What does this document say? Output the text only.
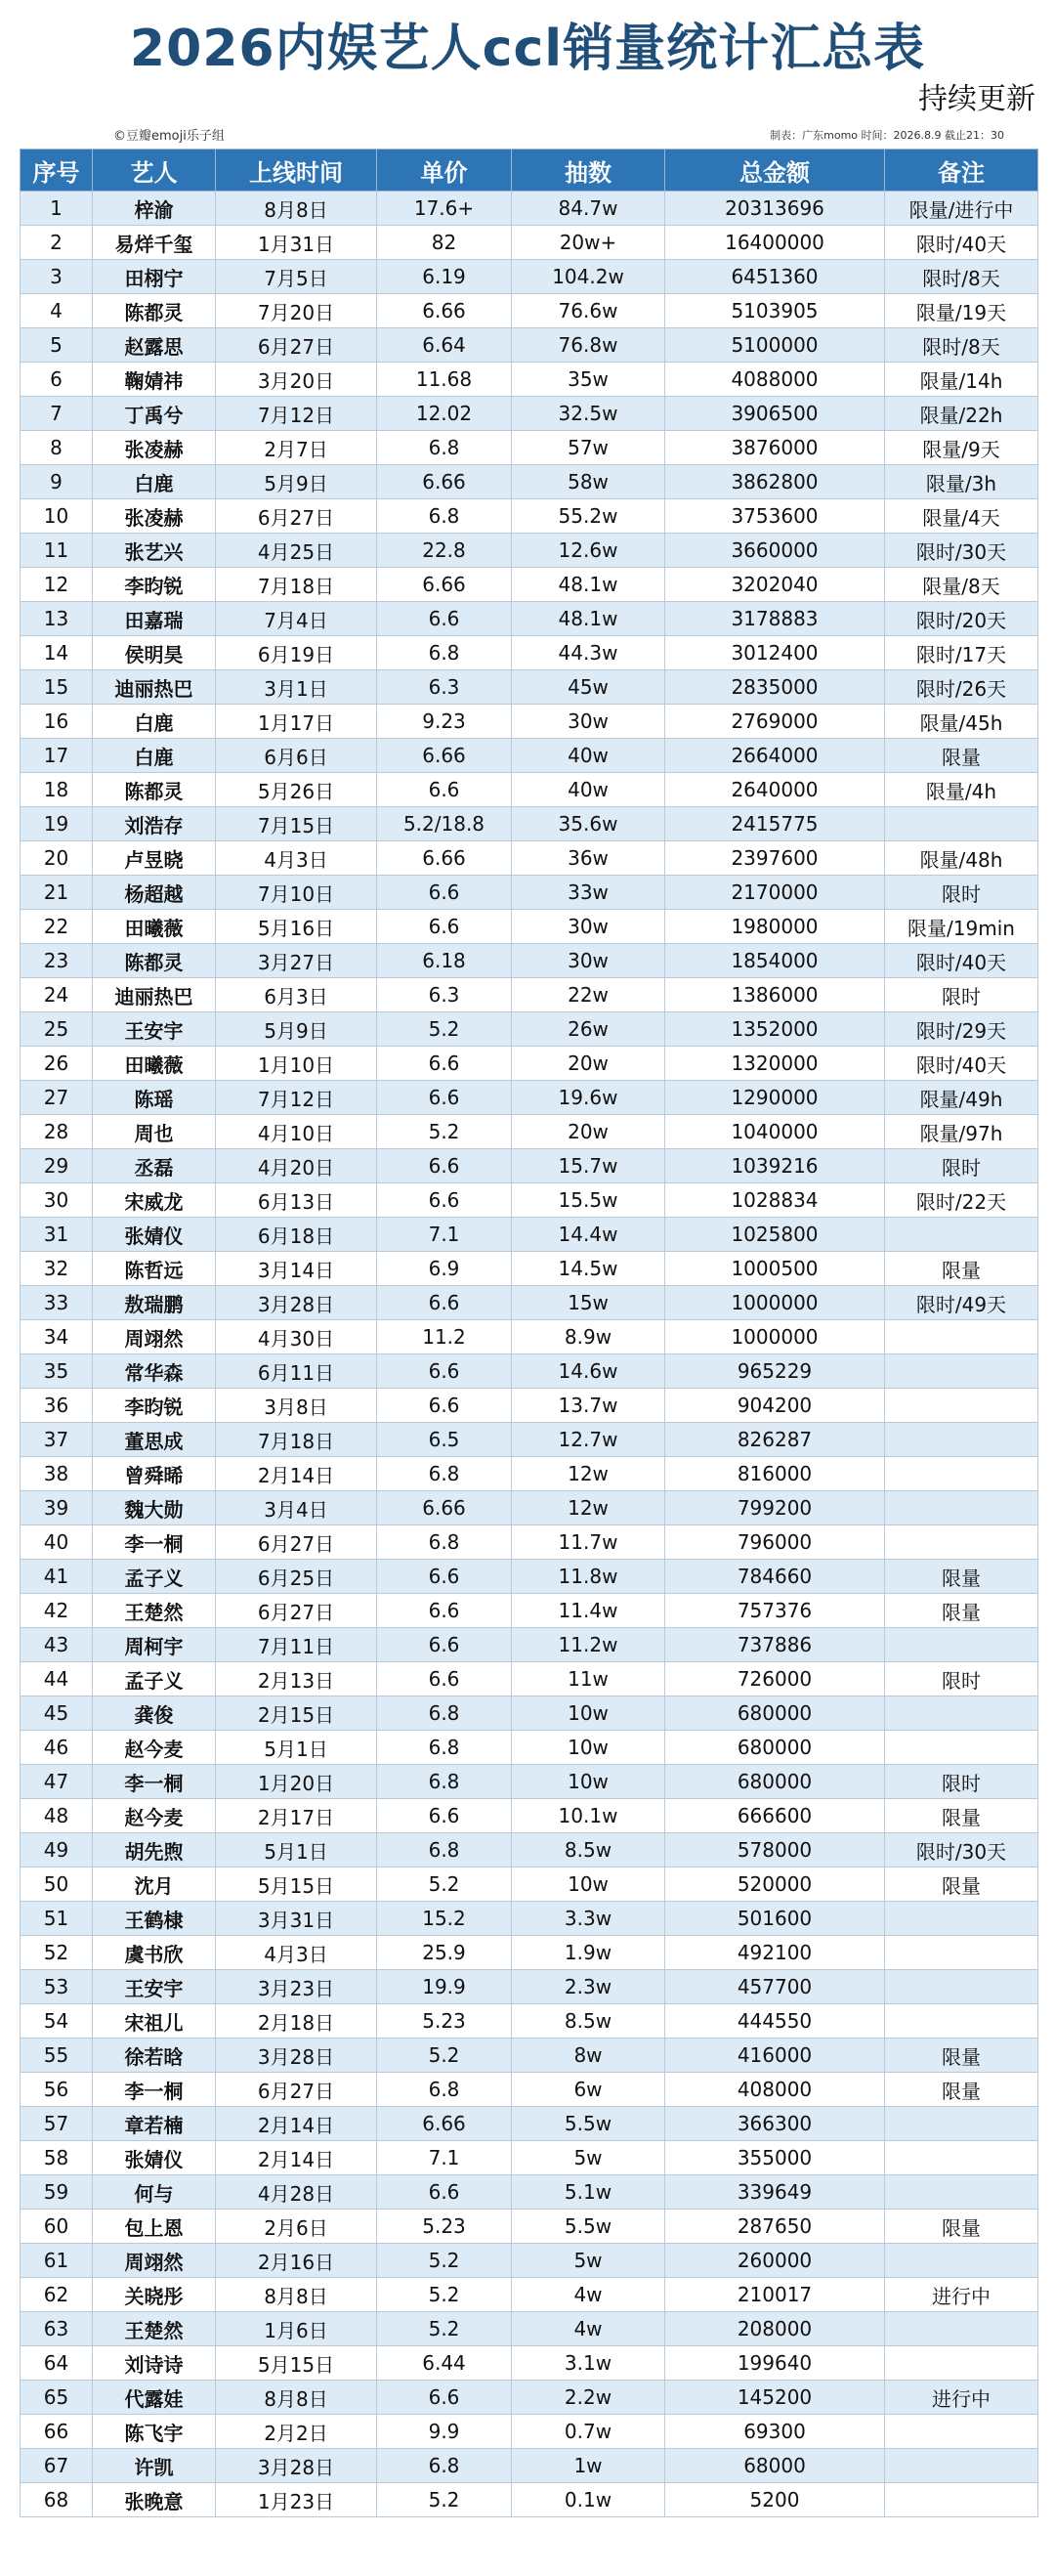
2026内娱艺人ccl销量统计汇总表
持续更新
©豆瓣emoji乐子组	制表：广东momo 时间：2026.8.9 截止21：30
序号	艺人	上线时间	单价	抽数	总金额	备注
1	梓渝	8月8日	17.6+	84.7w	20313696	限量/进行中
2	易烊千玺	1月31日	82	20w+	16400000	限时/40天
3	田栩宁	7月5日	6.19	104.2w	6451360	限时/8天
4	陈都灵	7月20日	6.66	76.6w	5103905	限量/19天
5	赵露思	6月27日	6.64	76.8w	5100000	限时/8天
6	鞠婧祎	3月20日	11.68	35w	4088000	限量/14h
7	丁禹兮	7月12日	12.02	32.5w	3906500	限量/22h
8	张凌赫	2月7日	6.8	57w	3876000	限量/9天
9	白鹿	5月9日	6.66	58w	3862800	限量/3h
10	张凌赫	6月27日	6.8	55.2w	3753600	限量/4天
11	张艺兴	4月25日	22.8	12.6w	3660000	限时/30天
12	李昀锐	7月18日	6.66	48.1w	3202040	限量/8天
13	田嘉瑞	7月4日	6.6	48.1w	3178883	限时/20天
14	侯明昊	6月19日	6.8	44.3w	3012400	限时/17天
15	迪丽热巴	3月1日	6.3	45w	2835000	限时/26天
16	白鹿	1月17日	9.23	30w	2769000	限量/45h
17	白鹿	6月6日	6.66	40w	2664000	限量
18	陈都灵	5月26日	6.6	40w	2640000	限量/4h
19	刘浩存	7月15日	5.2/18.8	35.6w	2415775	
20	卢昱晓	4月3日	6.66	36w	2397600	限量/48h
21	杨超越	7月10日	6.6	33w	2170000	限时
22	田曦薇	5月16日	6.6	30w	1980000	限量/19min
23	陈都灵	3月27日	6.18	30w	1854000	限时/40天
24	迪丽热巴	6月3日	6.3	22w	1386000	限时
25	王安宇	5月9日	5.2	26w	1352000	限时/29天
26	田曦薇	1月10日	6.6	20w	1320000	限时/40天
27	陈瑶	7月12日	6.6	19.6w	1290000	限量/49h
28	周也	4月10日	5.2	20w	1040000	限量/97h
29	丞磊	4月20日	6.6	15.7w	1039216	限时
30	宋威龙	6月13日	6.6	15.5w	1028834	限时/22天
31	张婧仪	6月18日	7.1	14.4w	1025800	
32	陈哲远	3月14日	6.9	14.5w	1000500	限量
33	敖瑞鹏	3月28日	6.6	15w	1000000	限时/49天
34	周翊然	4月30日	11.2	8.9w	1000000	
35	常华森	6月11日	6.6	14.6w	965229	
36	李昀锐	3月8日	6.6	13.7w	904200	
37	董思成	7月18日	6.5	12.7w	826287	
38	曾舜晞	2月14日	6.8	12w	816000	
39	魏大勋	3月4日	6.66	12w	799200	
40	李一桐	6月27日	6.8	11.7w	796000	
41	孟子义	6月25日	6.6	11.8w	784660	限量
42	王楚然	6月27日	6.6	11.4w	757376	限量
43	周柯宇	7月11日	6.6	11.2w	737886	
44	孟子义	2月13日	6.6	11w	726000	限时
45	龚俊	2月15日	6.8	10w	680000	
46	赵今麦	5月1日	6.8	10w	680000	
47	李一桐	1月20日	6.8	10w	680000	限时
48	赵今麦	2月17日	6.6	10.1w	666600	限量
49	胡先煦	5月1日	6.8	8.5w	578000	限时/30天
50	沈月	5月15日	5.2	10w	520000	限量
51	王鹤棣	3月31日	15.2	3.3w	501600	
52	虞书欣	4月3日	25.9	1.9w	492100	
53	王安宇	3月23日	19.9	2.3w	457700	
54	宋祖儿	2月18日	5.23	8.5w	444550	
55	徐若晗	3月28日	5.2	8w	416000	限量
56	李一桐	6月27日	6.8	6w	408000	限量
57	章若楠	2月14日	6.66	5.5w	366300	
58	张婧仪	2月14日	7.1	5w	355000	
59	何与	4月28日	6.6	5.1w	339649	
60	包上恩	2月6日	5.23	5.5w	287650	限量
61	周翊然	2月16日	5.2	5w	260000	
62	关晓彤	8月8日	5.2	4w	210017	进行中
63	王楚然	1月6日	5.2	4w	208000	
64	刘诗诗	5月15日	6.44	3.1w	199640	
65	代露娃	8月8日	6.6	2.2w	145200	进行中
66	陈飞宇	2月2日	9.9	0.7w	69300	
67	许凯	3月28日	6.8	1w	68000	
68	张晚意	1月23日	5.2	0.1w	5200	
